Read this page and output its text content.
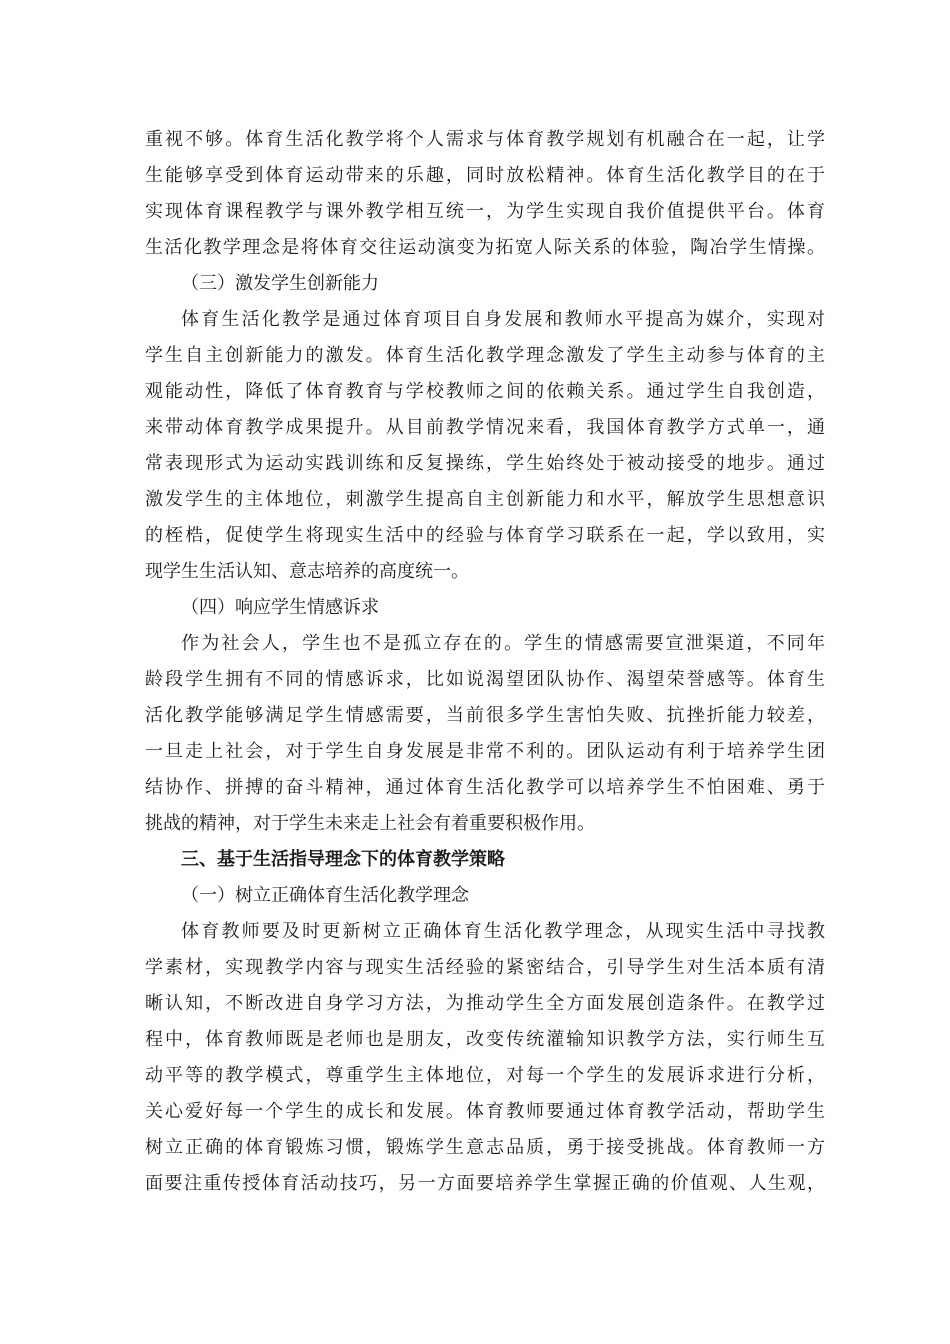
重视不够。体育生活化教学将个人需求与体育教学规划有机融合在一起，让学
生能够享受到体育运动带来的乐趣，同时放松精神。体育生活化教学目的在于
实现体育课程教学与课外教学相互统一，为学生实现自我价值提供平台。体育
生活化教学理念是将体育交往运动演变为拓宽人际关系的体验，陶冶学生情操。
（三）激发学生创新能力
体育生活化教学是通过体育项目自身发展和教师水平提高为媒介，实现对
学生自主创新能力的激发。体育生活化教学理念激发了学生主动参与体育的主
观能动性，降低了体育教育与学校教师之间的依赖关系。通过学生自我创造，
来带动体育教学成果提升。从目前教学情况来看，我国体育教学方式单一，通
常表现形式为运动实践训练和反复操练，学生始终处于被动接受的地步。通过
激发学生的主体地位，刺激学生提高自主创新能力和水平，解放学生思想意识
的桎梏，促使学生将现实生活中的经验与体育学习联系在一起，学以致用，实
现学生生活认知、意志培养的高度统一。
（四）响应学生情感诉求
作为社会人，学生也不是孤立存在的。学生的情感需要宣泄渠道，不同年
龄段学生拥有不同的情感诉求，比如说渴望团队协作、渴望荣誉感等。体育生
活化教学能够满足学生情感需要，当前很多学生害怕失败、抗挫折能力较差，
一旦走上社会，对于学生自身发展是非常不利的。团队运动有利于培养学生团
结协作、拼搏的奋斗精神，通过体育生活化教学可以培养学生不怕困难、勇于
挑战的精神，对于学生未来走上社会有着重要积极作用。
三、基于生活指导理念下的体育教学策略
（一）树立正确体育生活化教学理念
体育教师要及时更新树立正确体育生活化教学理念，从现实生活中寻找教
学素材，实现教学内容与现实生活经验的紧密结合，引导学生对生活本质有清
晰认知，不断改进自身学习方法，为推动学生全方面发展创造条件。在教学过
程中，体育教师既是老师也是朋友，改变传统灌输知识教学方法，实行师生互
动平等的教学模式，尊重学生主体地位，对每一个学生的发展诉求进行分析，
关心爱好每一个学生的成长和发展。体育教师要通过体育教学活动，帮助学生
树立正确的体育锻炼习惯，锻炼学生意志品质，勇于接受挑战。体育教师一方
面要注重传授体育活动技巧，另一方面要培养学生掌握正确的价值观、人生观，
